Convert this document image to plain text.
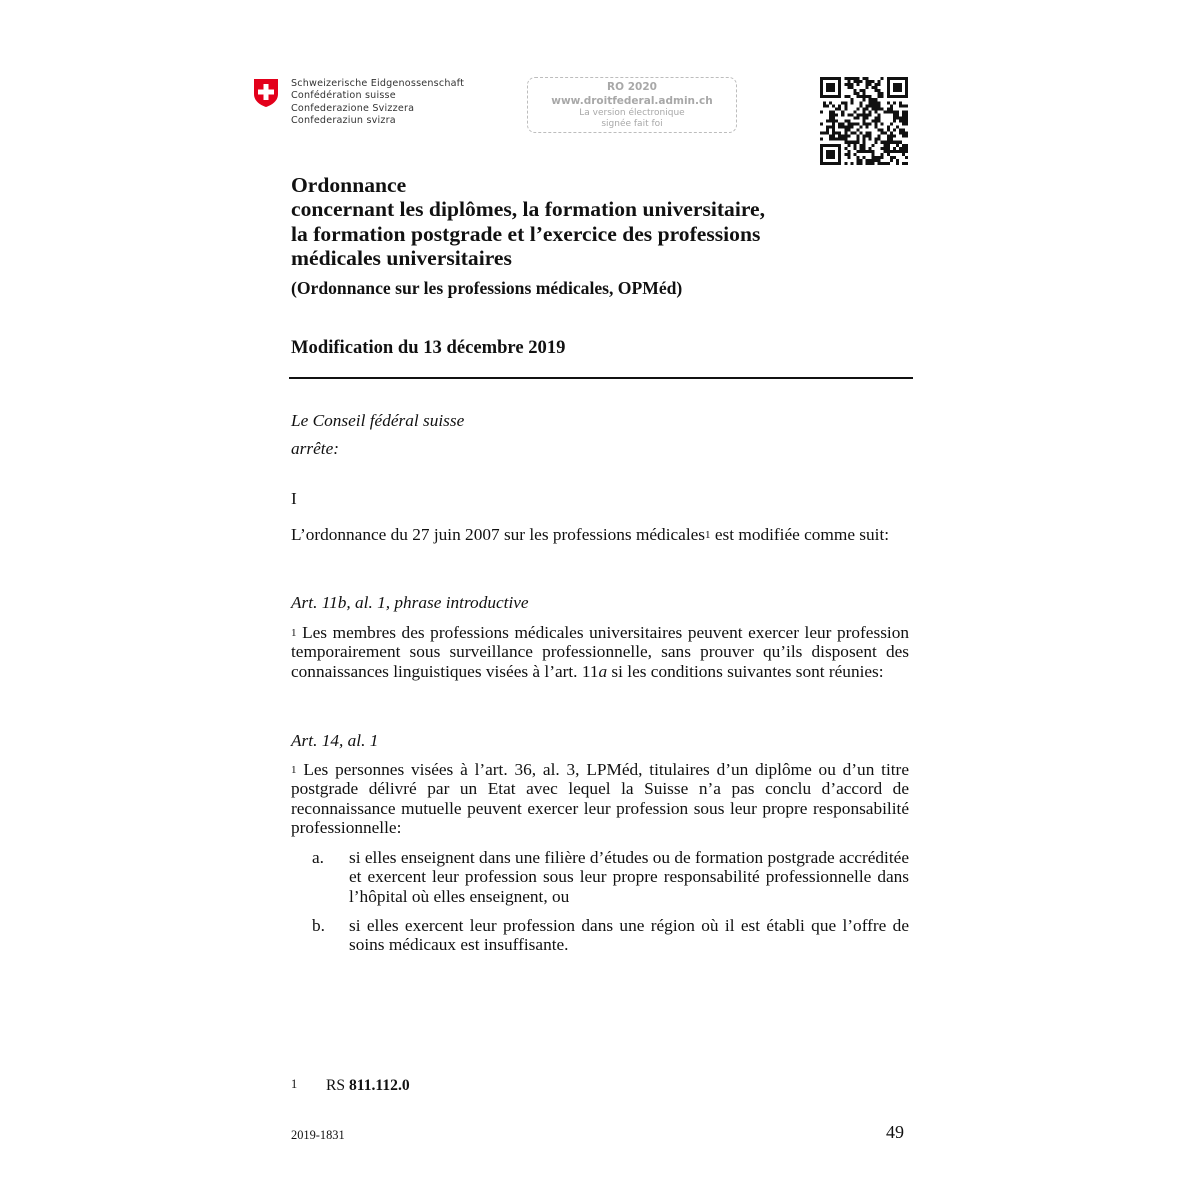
Schweizerische Eidgenossenschaft
Confédération suisse
Confederazione Svizzera
Confederaziun svizra
RO 2020
www.droitfederal.admin.ch
La version électronique
signée fait foi
Ordonnance
concernant les diplômes, la formation universitaire,
la formation postgrade et l’exercice des professions
médicales universitaires
(Ordonnance sur les professions médicales, OPMéd)
Modification du 13 décembre 2019
Le Conseil fédéral suisse
arrête:
I
L’ordonnance du 27 juin 2007 sur les professions médicales$^1$ est modifiée comme suit:
Art. 11b, al. 1, phrase introductive
$^1$ Les membres des professions médicales universitaires peuvent exercer leur profession temporairement sous surveillance professionnelle, sans prouver qu’ils disposent des connaissances linguistiques visées à l’art. 11a si les conditions suivantes sont réunies:
Art. 14, al. 1
$^1$ Les personnes visées à l’art. 36, al. 3, LPMéd, titulaires d’un diplôme ou d’un titre postgrade délivré par un Etat avec lequel la Suisse n’a pas conclu d’accord de reconnaissance mutuelle peuvent exercer leur profession sous leur propre responsabilité professionnelle:
a. si elles enseignent dans une filière d’études ou de formation postgrade accréditée et exercent leur profession sous leur propre responsabilité professionnelle dans l’hôpital où elles enseignent, ou
b. si elles exercent leur profession dans une région où il est établi que l’offre de soins médicaux est insuffisante.
1 RS 811.112.0
2019-1831	49
